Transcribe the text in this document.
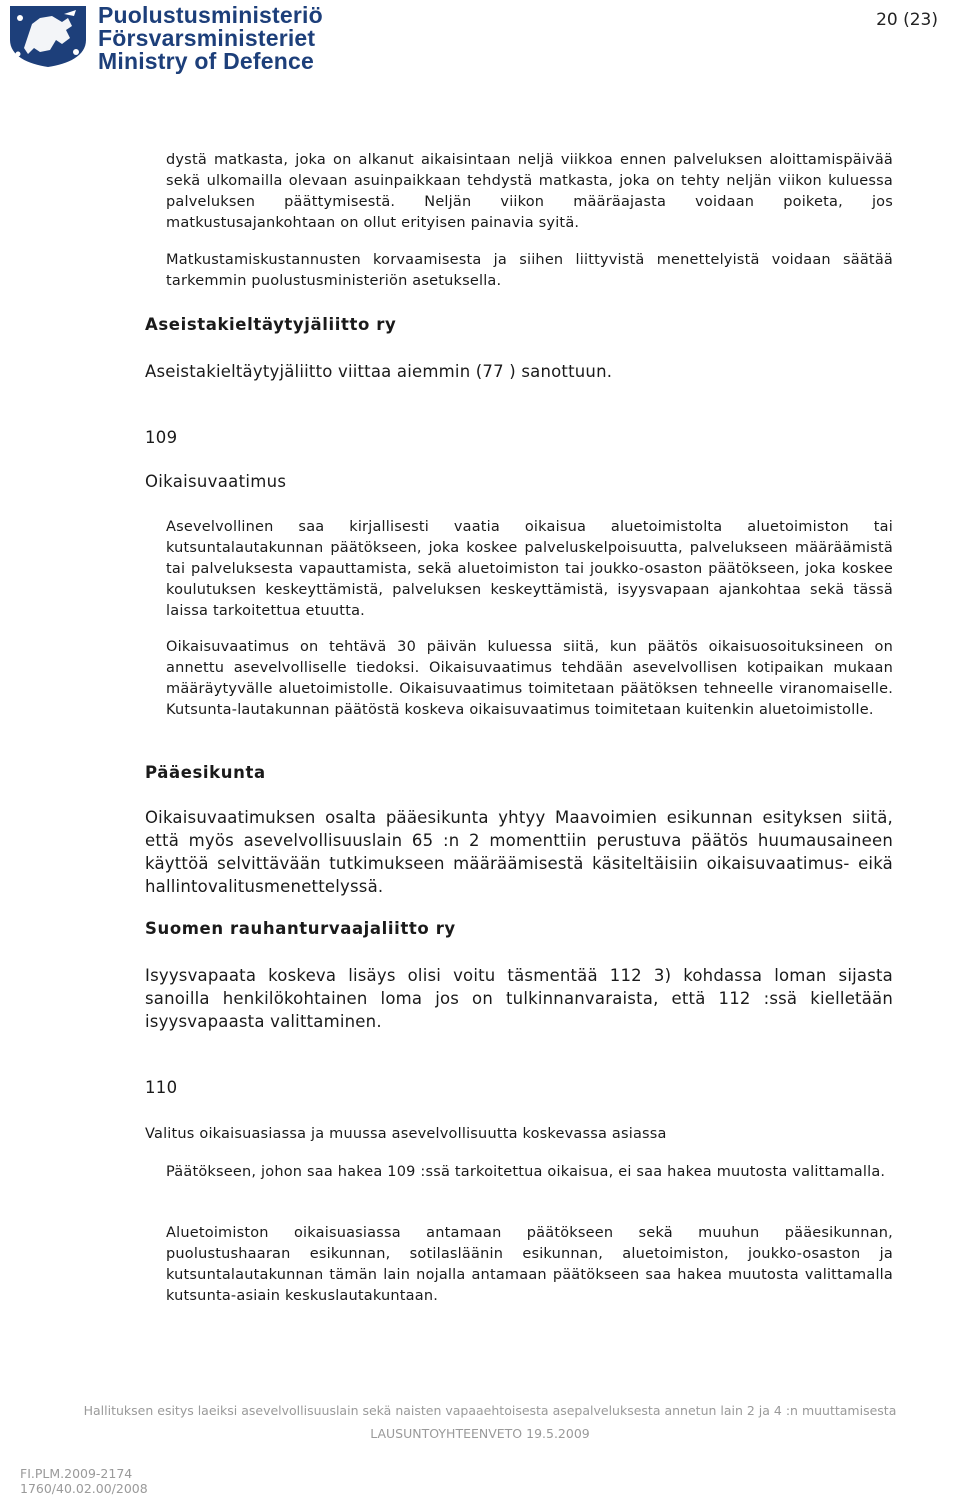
Puolustusministeriö
Försvarsministeriet
Ministry of Defence
20 (23)
dystä matkasta, joka on alkanut aikaisintaan neljä viikkoa ennen palveluksen aloittamispäivää sekä ulkomailla olevaan asuinpaikkaan tehdystä matkasta, joka on tehty neljän viikon kuluessa palveluksen päättymisestä. Neljän viikon määräajasta voidaan poiketa, jos matkustusajankohtaan on ollut erityisen painavia syitä.
Matkustamiskustannusten korvaamisesta ja siihen liittyvistä menettelyistä voidaan säätää tarkemmin puolustusministeriön asetuksella.
Aseistakieltäytyjäliitto ry
Aseistakieltäytyjäliitto viittaa aiemmin (77 ) sanottuun.
109
Oikaisuvaatimus
Asevelvollinen saa kirjallisesti vaatia oikaisua aluetoimistolta aluetoimiston tai kutsuntalautakunnan päätökseen, joka koskee palveluskelpoisuutta, palvelukseen määräämistä tai palveluksesta vapauttamista, sekä aluetoimiston tai joukko-osaston päätökseen, joka koskee koulutuksen keskeyttämistä, palveluksen keskeyttämistä, isyysvapaan ajankohtaa sekä tässä laissa tarkoitettua etuutta.
Oikaisuvaatimus on tehtävä 30 päivän kuluessa siitä, kun päätös oikaisuosoituksineen on annettu asevelvolliselle tiedoksi. Oikaisuvaatimus tehdään asevelvollisen kotipaikan mukaan määräytyvälle aluetoimistolle. Oikaisuvaatimus toimitetaan päätöksen tehneelle viranomaiselle. Kutsunta-lautakunnan päätöstä koskeva oikaisuvaatimus toimitetaan kuitenkin aluetoimistolle.
Pääesikunta
Oikaisuvaatimuksen osalta pääesikunta yhtyy Maavoimien esikunnan esityksen siitä, että myös asevelvollisuuslain 65 :n 2 momenttiin perustuva päätös huumausaineen käyttöä selvittävään tutkimukseen määräämisestä käsiteltäisiin oikaisuvaatimus- eikä hallintovalitusmenettelyssä.
Suomen rauhanturvaajaliitto ry
Isyysvapaata koskeva lisäys olisi voitu täsmentää 112 3) kohdassa loman sijasta sanoilla henkilökohtainen loma jos on tulkinnanvaraista, että 112 :ssä kielletään isyysvapaasta valittaminen.
110
Valitus oikaisuasiassa ja muussa asevelvollisuutta koskevassa asiassa
Päätökseen, johon saa hakea 109 :ssä tarkoitettua oikaisua, ei saa hakea muutosta valittamalla.
Aluetoimiston oikaisuasiassa antamaan päätökseen sekä muuhun pääesikunnan, puolustushaaran esikunnan, sotilasläänin esikunnan, aluetoimiston, joukko-osaston ja kutsuntalautakunnan tämän lain nojalla antamaan päätökseen saa hakea muutosta valittamalla kutsunta-asiain keskuslautakuntaan.
Hallituksen esitys laeiksi asevelvollisuuslain sekä naisten vapaaehtoisesta asepalveluksesta annetun lain 2 ja 4 :n muuttamisesta
LAUSUNTOYHTEENVETO 19.5.2009
FI.PLM.2009-2174
1760/40.02.00/2008
